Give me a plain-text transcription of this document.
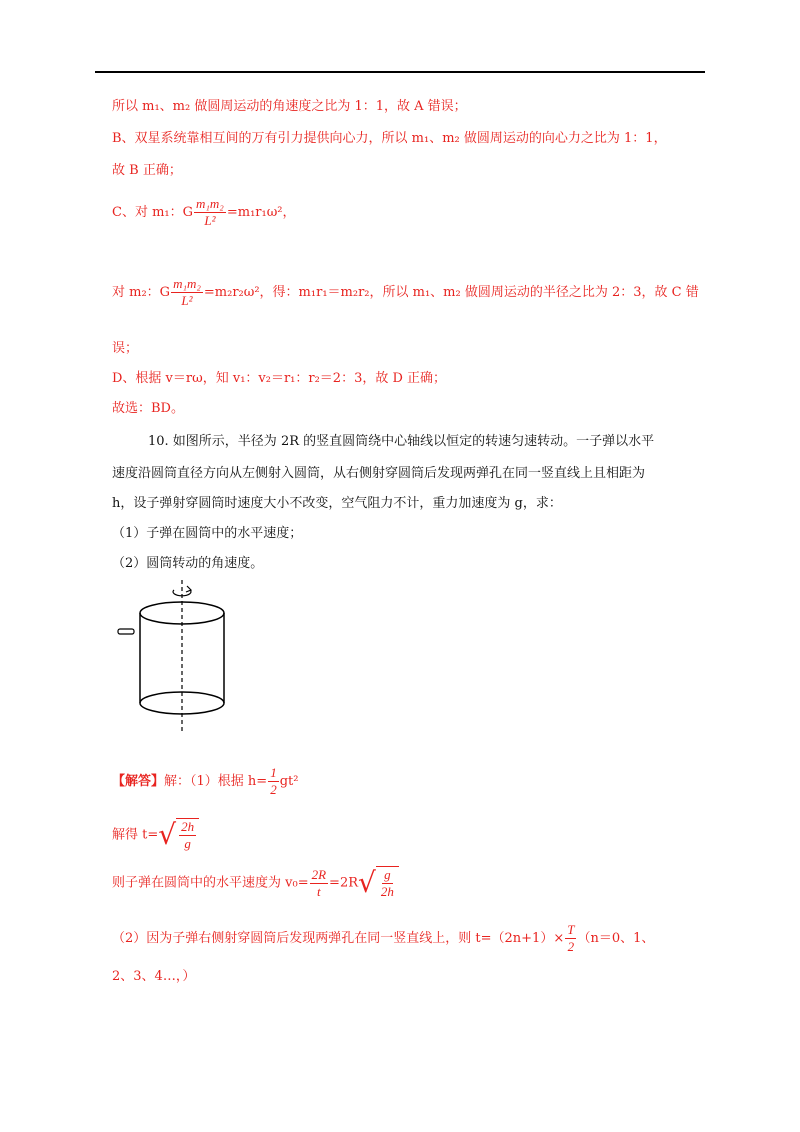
所以 m₁、m₂ 做圆周运动的角速度之比为 1：1，故 A 错误；
B、双星系统靠相互间的万有引力提供向心力，所以 m₁、m₂ 做圆周运动的向心力之比为 1：1，
故 B 正确；
C、对 m₁：G $\frac{\text{m₁m₂}}{\text{L²}} =m_1r_1\omega^2$，
对 m₂：G $\frac{\text{m₁m₂}}{\text{L²}} =m_2r_2\omega^2$，得：m₁r₁＝m₂r₂，所以 m₁、m₂ 做圆周运动的半径之比为 2：3，故 C 错
误；
D、根据 v＝rω，知 v₁：v₂＝r₁：r₂＝2：3，故 D 正确；
故选：BD。
10. 如图所示，半径为 2R 的竖直圆筒绕中心轴线以恒定的转速匀速转动。一子弹以水平
速度沿圆筒直径方向从左侧射入圆筒，从右侧射穿圆筒后发现两弹孔在同一竖直线上且相距为
h，设子弹射穿圆筒时速度大小不改变，空气阻力不计，重力加速度为 g，求：
（1）子弹在圆筒中的水平速度；
（2）圆筒转动的角速度。
【解答】解：（1）根据 $h= \frac{1}{2} gt^2$
解得 t= √ $\frac{2h}{g}$
则子弹在圆筒中的水平速度为 $v_0= \frac{2R}{t} =2R$ √ $\frac{g}{2h}$
（2）因为子弹右侧射穿圆筒后发现两弹孔在同一竖直线上，则 $t=(2n+1)\times \frac{T}{2} (n=0$、1、
2、3、4…，）
